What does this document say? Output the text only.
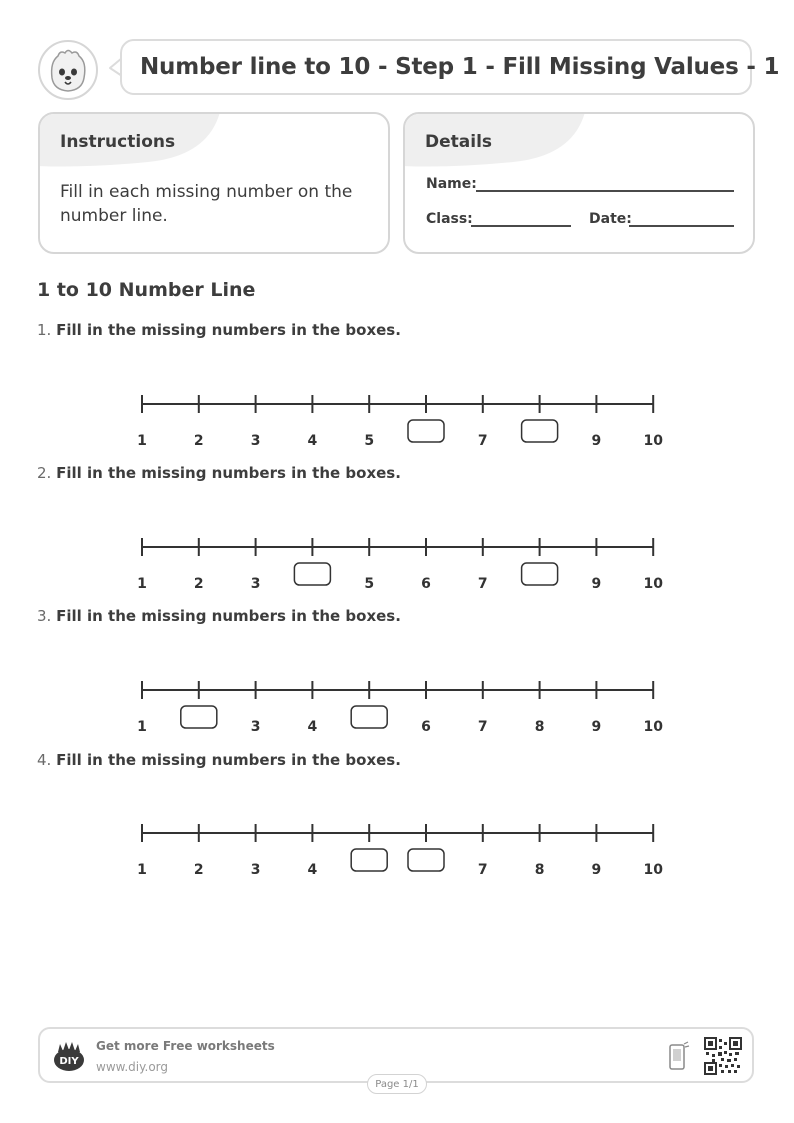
Number line to 10 - Step 1 - Fill Missing Values - 1
Instructions
Fill in each missing number on the number line.
Details
Name:
Class:	Date:
1 to 10 Number Line
1. Fill in the missing numbers in the boxes.
1	2	3	4	5	7	9	10
2. Fill in the missing numbers in the boxes.
1	2	3	5	6	7	9	10
3. Fill in the missing numbers in the boxes.
1	3	4	6	7	8	9	10
4. Fill in the missing numbers in the boxes.
1	2	3	4	7	8	9	10
DIY
Get more Free worksheets
www.diy.org
Page 1/1
